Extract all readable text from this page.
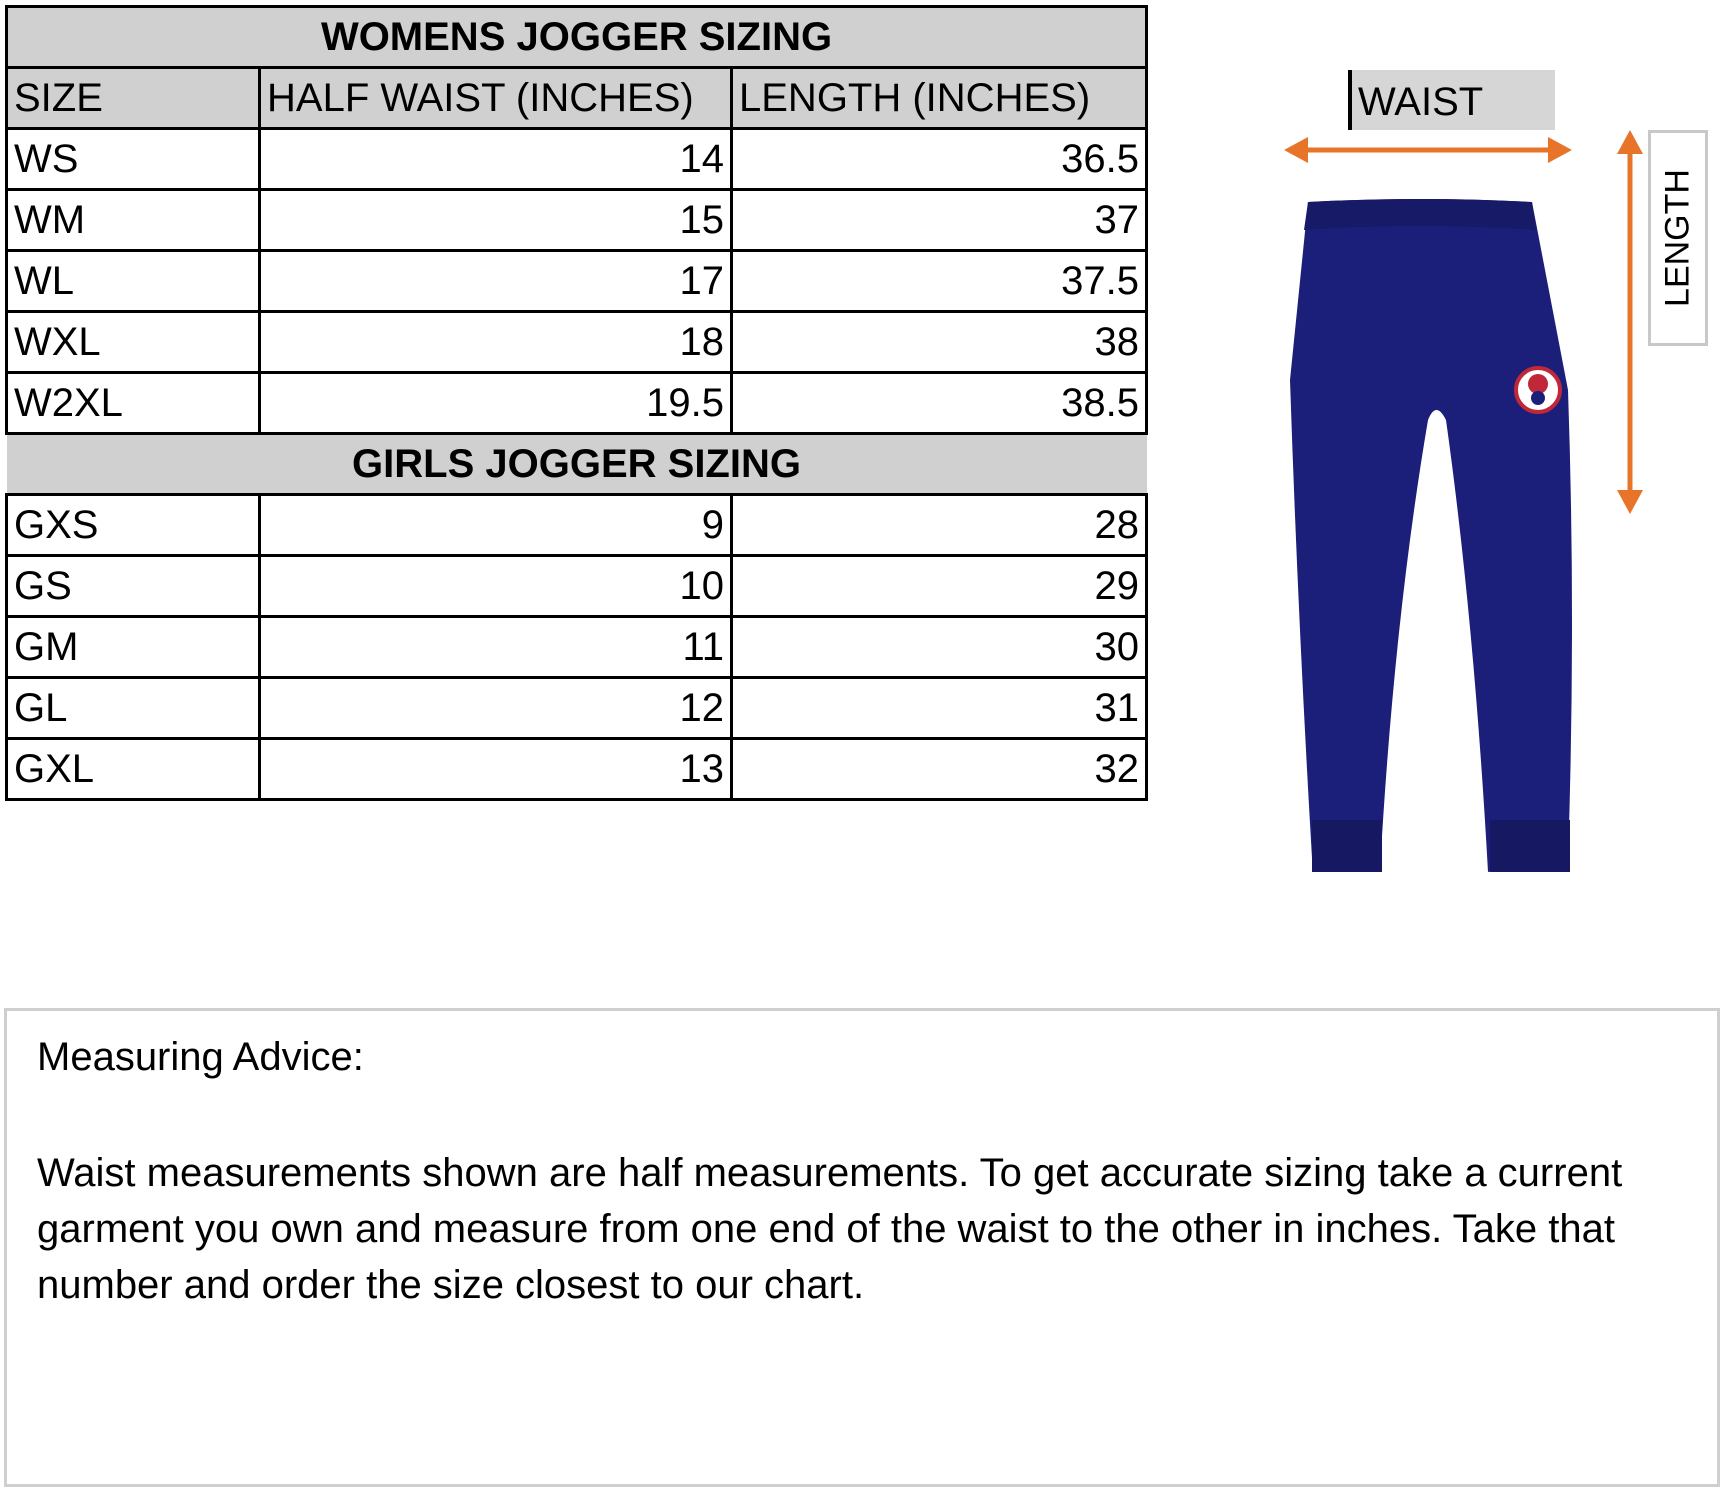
WOMENS JOGGER SIZING		
SIZE	HALF WAIST (INCHES)	LENGTH (INCHES)
WS	14	36.5
WM	15	37
WL	17	37.5
WXL	18	38
W2XL	19.5	38.5
GIRLS JOGGER SIZING		
GXS	9	28
GS	10	29
GM	11	30
GL	12	31
GXL	13	32
WAIST
LENGTH
Measuring Advice:
Waist measurements shown are half measurements. To get accurate sizing take a current garment you own and measure from one end of the waist to the other in inches. Take that number and order the size closest to our chart.
